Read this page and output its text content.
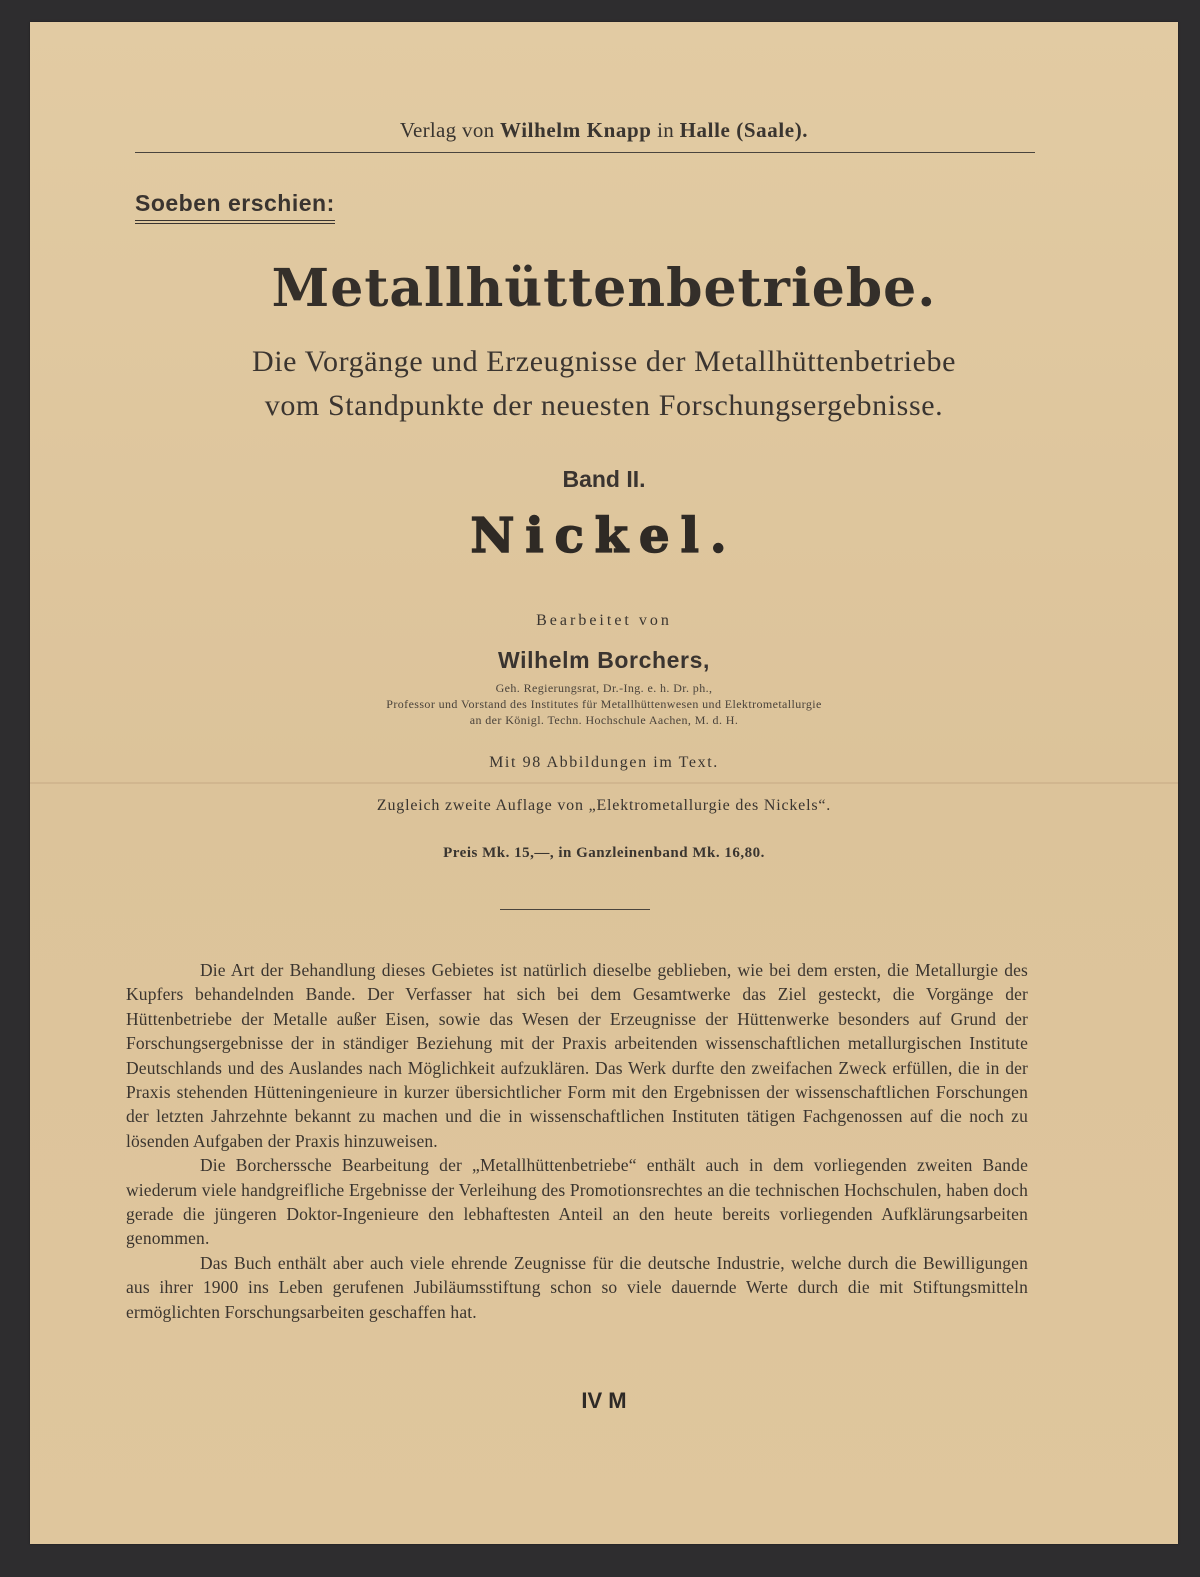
Verlag von Wilhelm Knapp in Halle (Saale).
Soeben erschien:
Metallhüttenbetriebe.
Die Vorgänge und Erzeugnisse der Metallhüttenbetriebe
vom Standpunkte der neuesten Forschungsergebnisse.
Band II.
Nickel.
Bearbeitet von
Wilhelm Borchers,
Geh. Regierungsrat, Dr.-Ing. e. h. Dr. ph.,
Professor und Vorstand des Institutes für Metallhüttenwesen und Elektrometallurgie
an der Königl. Techn. Hochschule Aachen, M. d. H.
Mit 98 Abbildungen im Text.
Zugleich zweite Auflage von „Elektrometallurgie des Nickels“.
Preis Mk. 15,—, in Ganzleinenband Mk. 16,80.

Die Art der Behandlung dieses Gebietes ist natürlich dieselbe geblieben, wie bei dem ersten, die Metallurgie des Kupfers behandelnden Bande. Der Verfasser hat sich bei dem Gesamtwerke das Ziel gesteckt, die Vorgänge der Hüttenbetriebe der Metalle außer Eisen, sowie das Wesen der Erzeugnisse der Hüttenwerke besonders auf Grund der Forschungsergebnisse der in ständiger Beziehung mit der Praxis arbeitenden wissenschaftlichen metallurgischen Institute Deutschlands und des Auslandes nach Möglichkeit aufzuklären. Das Werk durfte den zweifachen Zweck erfüllen, die in der Praxis stehenden Hütteningenieure in kurzer übersichtlicher Form mit den Ergebnissen der wissenschaftlichen Forschungen der letzten Jahrzehnte bekannt zu machen und die in wissenschaftlichen Instituten tätigen Fachgenossen auf die noch zu lösenden Aufgaben der Praxis hinzuweisen.

Die Borcherssche Bearbeitung der „Metallhüttenbetriebe“ enthält auch in dem vorliegenden zweiten Bande wiederum viele handgreifliche Ergebnisse der Verleihung des Promotionsrechtes an die technischen Hochschulen, haben doch gerade die jüngeren Doktor-Ingenieure den lebhaftesten Anteil an den heute bereits vorliegenden Aufklärungsarbeiten genommen.

Das Buch enthält aber auch viele ehrende Zeugnisse für die deutsche Industrie, welche durch die Bewilligungen aus ihrer 1900 ins Leben gerufenen Jubiläumsstiftung schon so viele dauernde Werte durch die mit Stiftungsmitteln ermöglichten Forschungsarbeiten geschaffen hat.

IV M
